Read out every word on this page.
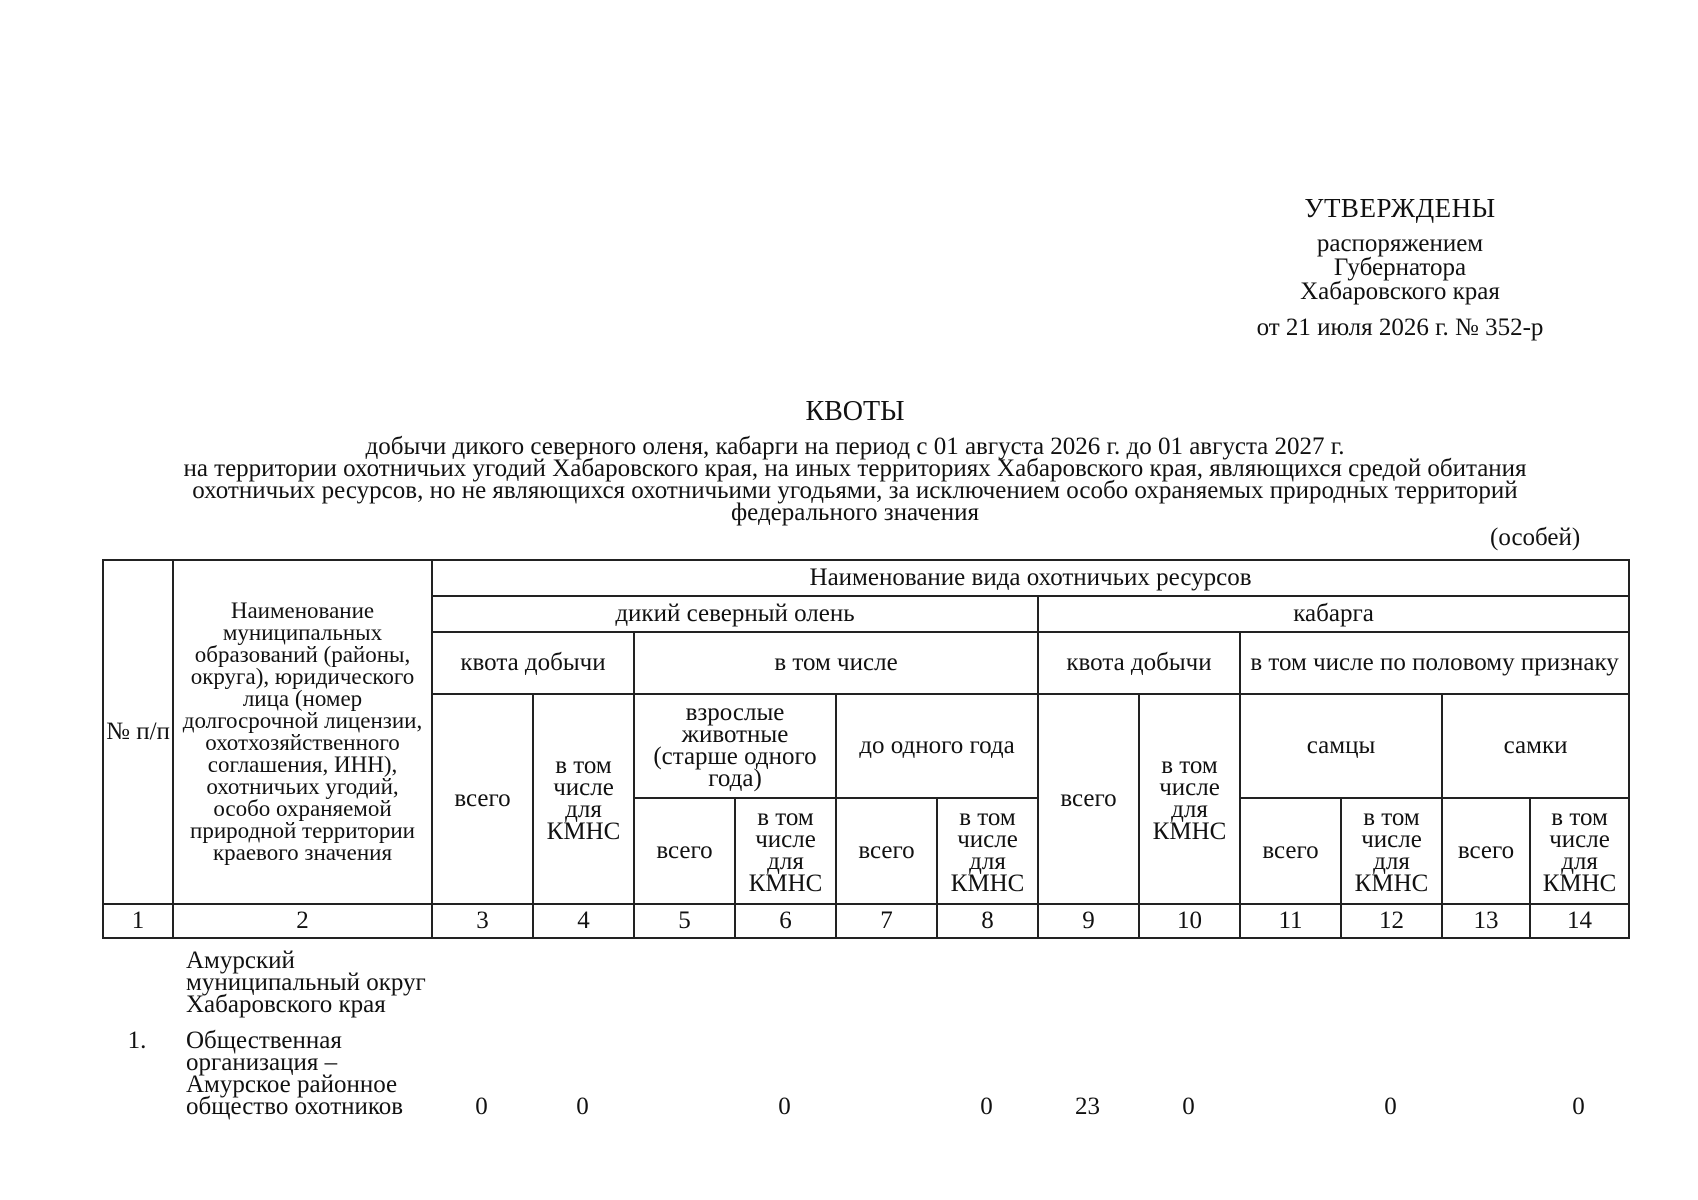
УТВЕРЖДЕНЫ
распоряжением
Губернатора
Хабаровского края
от 21 июля 2026 г. № 352-р
КВОТЫ
добычи дикого северного оленя, кабарги на период с 01 августа 2026 г. до 01 августа 2027 г.
на территории охотничьих угодий Хабаровского края, на иных территориях Хабаровского края, являющихся средой обитания
охотничьих ресурсов, но не являющихся охотничьими угодьями, за исключением особо охраняемых природных территорий
федерального значения
(особей)
№ п/п	Наименование муниципальных образований (районы, округа), юридического лица (номер долгосрочной лицензии, охотхозяйственного соглашения, ИНН), охотничьих угодий, особо охраняемой природной территории краевого значения	Наименование вида охотничьих ресурсов											
		дикий северный олень						кабарга					
		квота добычи		в том числе				квота добычи		в том числе по половому признаку			
		всего	в том числе для КМНС	взрослые животные (старше одного года)		до одного года		всего	в том числе для КМНС	самцы		самки	
				всего	в том числе для КМНС	всего	в том числе для КМНС			всего	в том числе для КМНС	всего	в том числе для КМНС
1	2	3	4	5	6	7	8	9	10	11	12	13	14
	Амурский муниципальный округ Хабаровского края												

1.	Общественная организация – Амурское районное общество охотников	0	0		0		0	23	0		0		0
